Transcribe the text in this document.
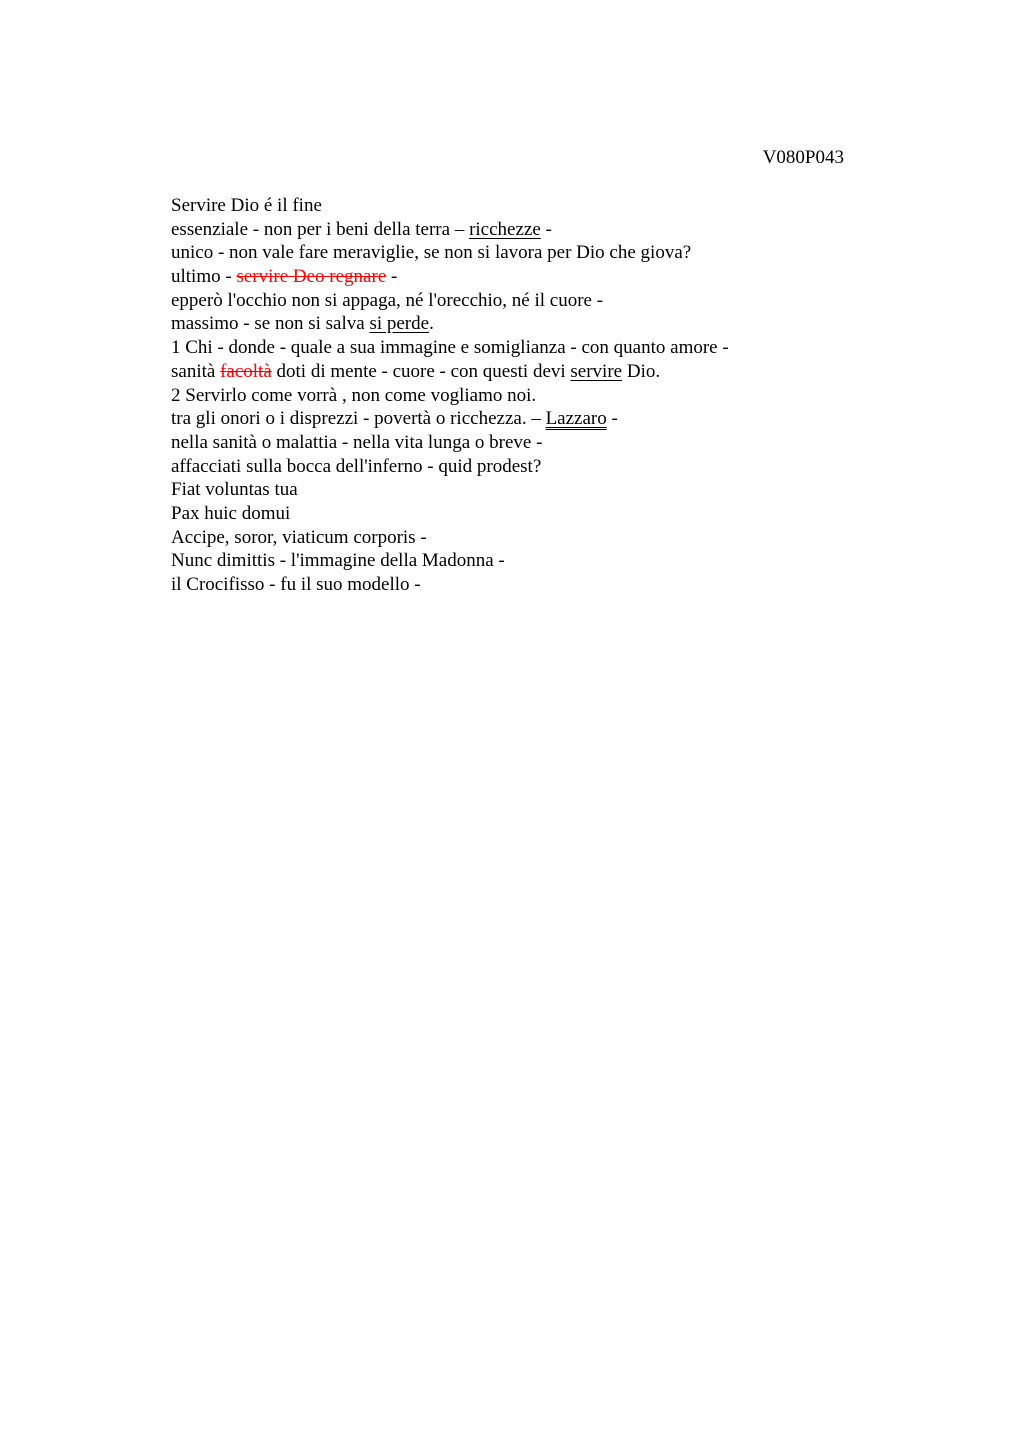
V080P043
Servire Dio é il fine
essenziale - non per i beni della terra – ricchezze -
unico - non vale fare meraviglie, se non si lavora per Dio che giova?
ultimo - servire Deo regnare -
epperò l'occhio non si appaga, né l'orecchio, né il cuore -
massimo - se non si salva si perde.
1 Chi - donde - quale a sua immagine e somiglianza - con quanto amore -
sanità facoltà doti di mente - cuore - con questi devi servire Dio.
2 Servirlo come vorrà , non come vogliamo noi.
tra gli onori o i disprezzi - povertà o ricchezza. – Lazzaro -
nella sanità o malattia - nella vita lunga o breve -
affacciati sulla bocca dell'inferno - quid prodest?
Fiat voluntas tua
Pax huic domui
Accipe, soror, viaticum corporis -
Nunc dimittis - l'immagine della Madonna -
il Crocifisso - fu il suo modello -
